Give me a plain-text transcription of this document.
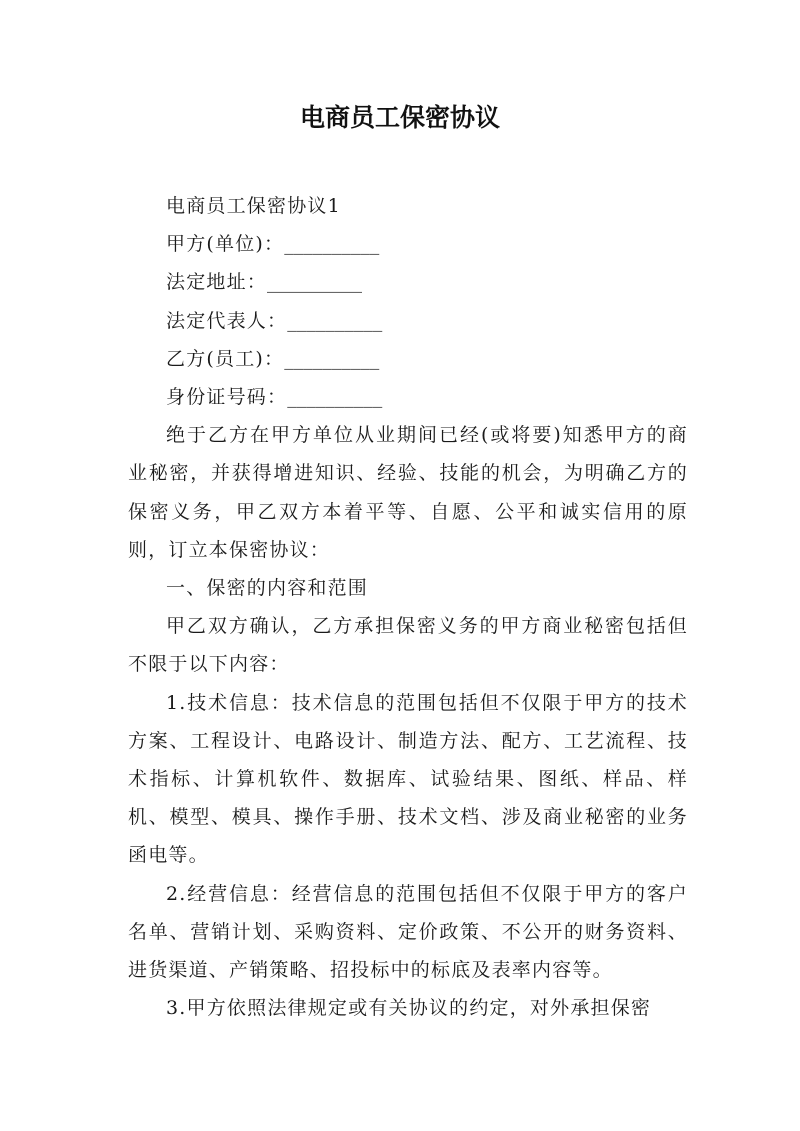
电商员工保密协议
电商员工保密协议1
甲方(单位)：__________
法定地址：__________
法定代表人：__________
乙方(员工)：__________
身份证号码：__________

绝于乙方在甲方单位从业期间已经(或将要)知悉甲方的商业秘密，并获得增进知识、经验、技能的机会，为明确乙方的保密义务，甲乙双方本着平等、自愿、公平和诚实信用的原则，订立本保密协议：

一、保密的内容和范围

甲乙双方确认，乙方承担保密义务的甲方商业秘密包括但不限于以下内容：

1.技术信息：技术信息的范围包括但不仅限于甲方的技术方案、工程设计、电路设计、制造方法、配方、工艺流程、技术指标、计算机软件、数据库、试验结果、图纸、样品、样机、模型、模具、操作手册、技术文档、涉及商业秘密的业务函电等。

2.经营信息：经营信息的范围包括但不仅限于甲方的客户名单、营销计划、采购资料、定价政策、不公开的财务资料、进货渠道、产销策略、招投标中的标底及表率内容等。

3.甲方依照法律规定或有关协议的约定，对外承担保密
